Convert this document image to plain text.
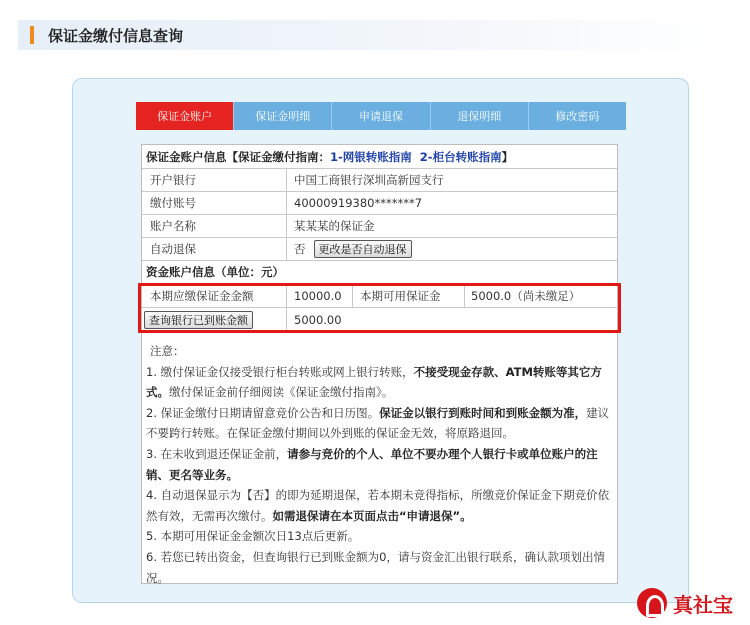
保证金缴付信息查询
保证金账户	保证金明细	申请退保	退保明细	修改密码
保证金账户信息【保证金缴付指南：1-网银转账指南 2-柜台转账指南】
开户银行	中国工商银行深圳高新园支行
缴付账号	40000919380*******7
账户名称	某某某的保证金
自动退保	否	更改是否自动退保
资金账户信息（单位：元）
本期应缴保证金金额	10000.0 本期可用保证金	5000.0（尚未缴足）
查询银行已到账金额	5000.00

注意：

1. 缴付保证金仅接受银行柜台转账或网上银行转账，不接受现金存款、ATM转账等其它方式。缴付保证金前仔细阅读《保证金缴付指南》。

2. 保证金缴付日期请留意竞价公告和日历图。保证金以银行到账时间和到账金额为准，建议不要跨行转账。在保证金缴付期间以外到账的保证金无效，将原路退回。

3. 在未收到退还保证金前，请参与竞价的个人、单位不要办理个人银行卡或单位账户的注销、更名等业务。

4. 自动退保显示为【否】的即为延期退保，若本期未竞得指标，所缴竞价保证金下期竞价依然有效，无需再次缴付。如需退保请在本页面点击“申请退保”。

5. 本期可用保证金金额次日13点后更新。

6. 若您已转出资金，但查询银行已到账金额为0，请与资金汇出银行联系，确认款项划出情况。

真社宝
